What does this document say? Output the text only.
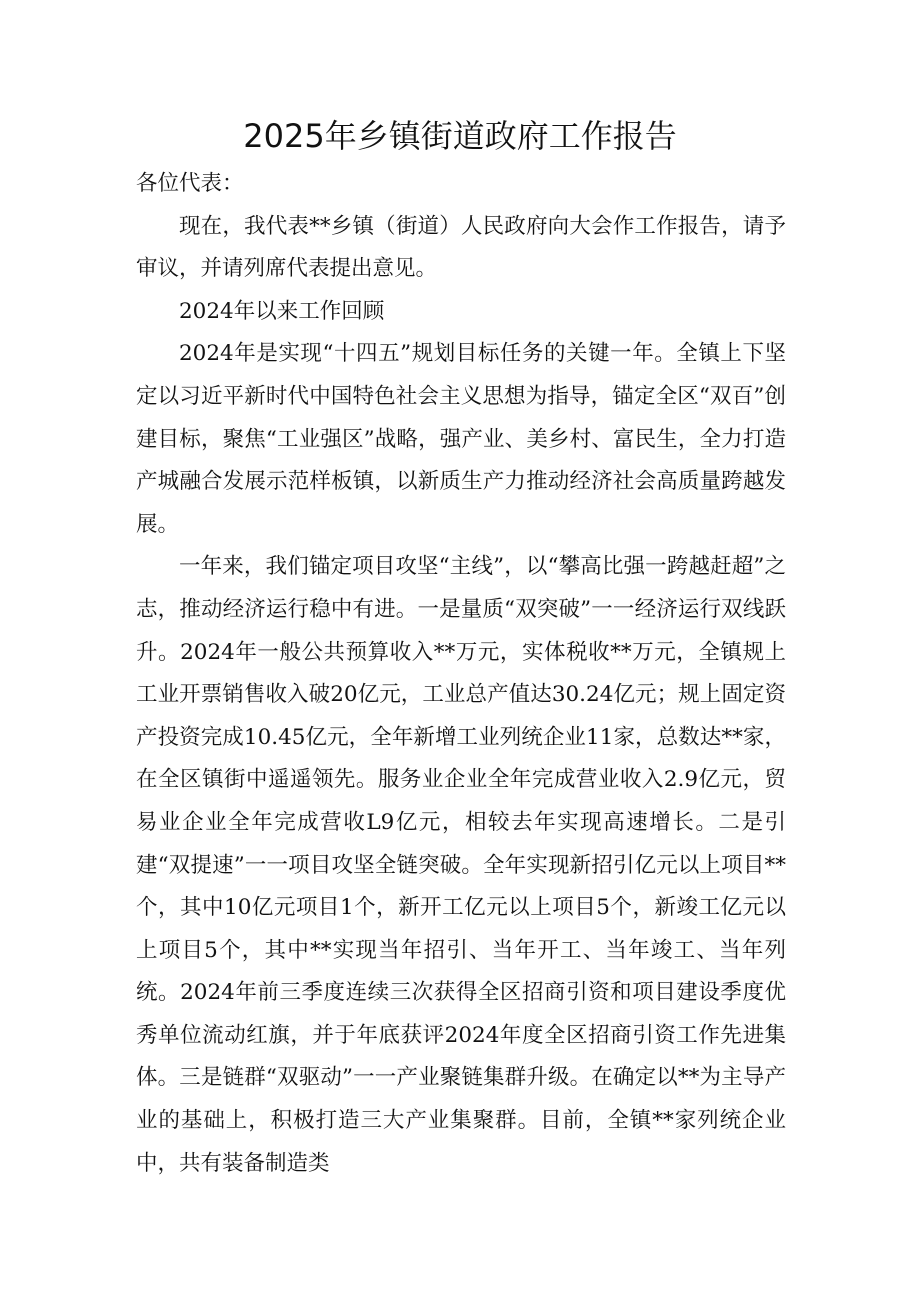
2025年乡镇街道政府工作报告

各位代表：

现在，我代表**乡镇（街道）人民政府向大会作工作报告，请予审议，并请列席代表提出意见。

2024年以来工作回顾

2024年是实现“十四五”规划目标任务的关键一年。全镇上下坚定以习近平新时代中国特色社会主义思想为指导，锚定全区“双百”创建目标，聚焦“工业强区”战略，强产业、美乡村、富民生，全力打造产城融合发展示范样板镇，以新质生产力推动经济社会高质量跨越发展。

一年来，我们锚定项目攻坚“主线”，以“攀高比强一跨越赶超”之志，推动经济运行稳中有进。一是量质“双突破”一一经济运行双线跃升。2024年一般公共预算收入**万元，实体税收**万元，全镇规上工业开票销售收入破20亿元，工业总产值达30.24亿元；规上固定资产投资完成10.45亿元，全年新增工业列统企业11家，总数达**家，在全区镇街中遥遥领先。服务业企业全年完成营业收入2.9亿元，贸易业企业全年完成营收L9亿元，相较去年实现高速增长。二是引建“双提速”一一项目攻坚全链突破。全年实现新招引亿元以上项目**个，其中10亿元项目1个，新开工亿元以上项目5个，新竣工亿元以上项目5个，其中**实现当年招引、当年开工、当年竣工、当年列统。2024年前三季度连续三次获得全区招商引资和项目建设季度优秀单位流动红旗，并于年底获评2024年度全区招商引资工作先进集体。三是链群“双驱动”一一产业聚链集群升级。在确定以**为主导产业的基础上，积极打造三大产业集聚群。目前，全镇**家列统企业中，共有装备制造类
